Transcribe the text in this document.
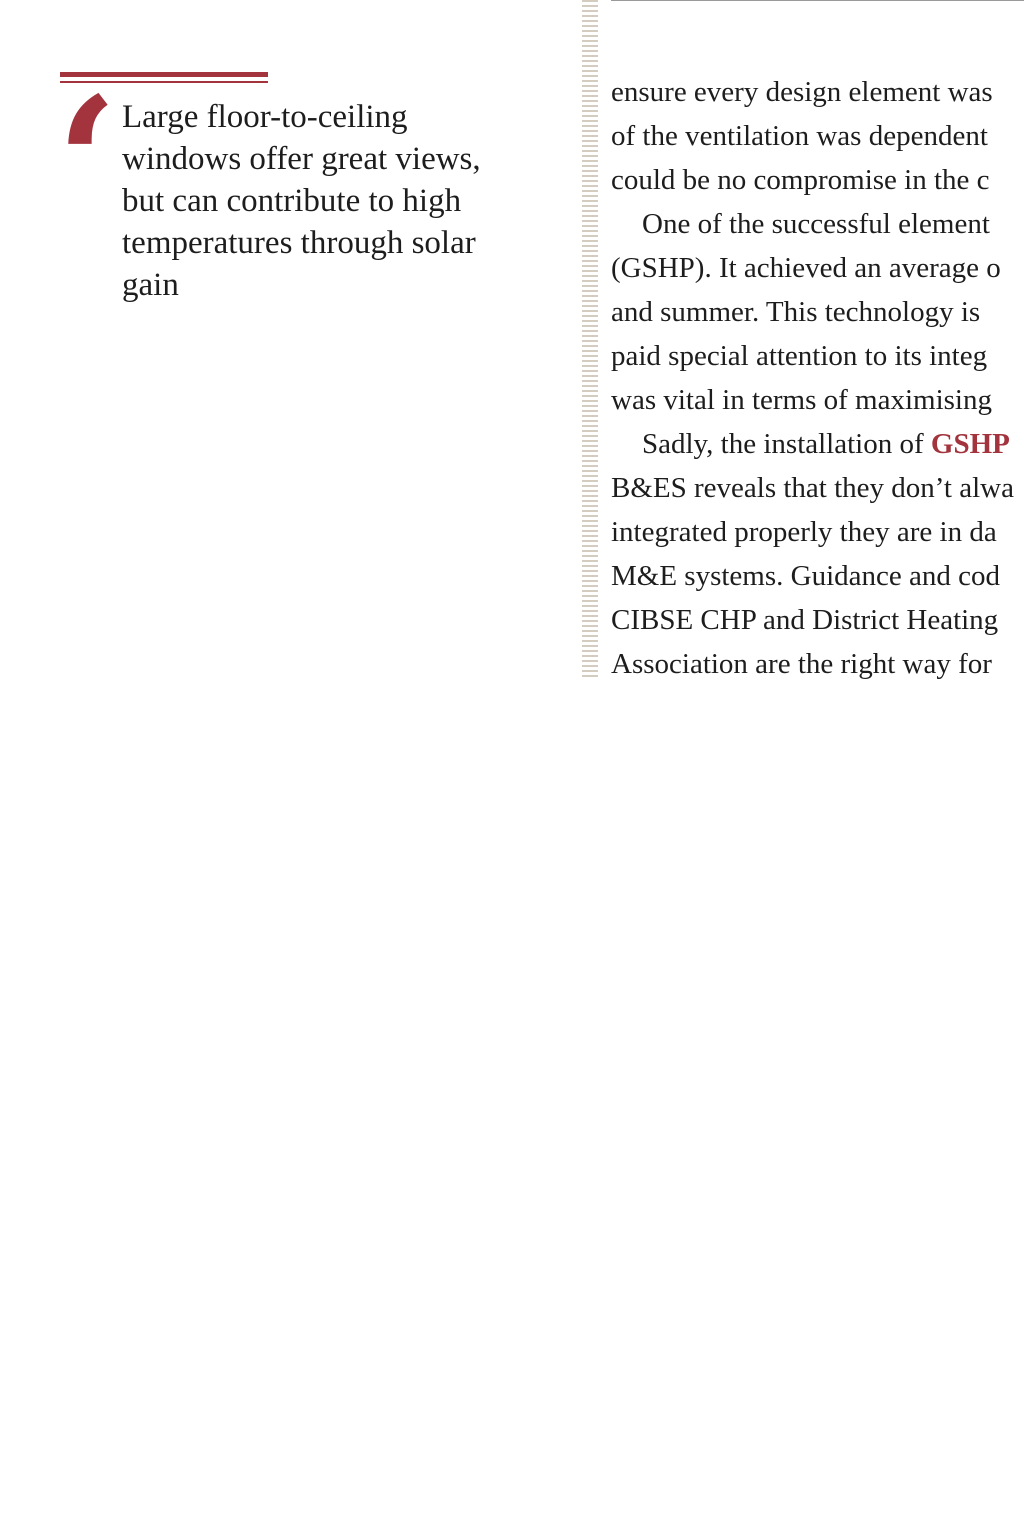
‘ Large floor-to-ceiling windows offer great views, but can contribute to high temperatures through solar gain
ensure every design element was
of the ventilation was dependent
could be no compromise in the c
One of the successful element
(GSHP). It achieved an average o
and summer. This technology is
paid special attention to its integ
was vital in terms of maximising
Sadly, the installation of GSHP
B&ES reveals that they don’t alwa
integrated properly they are in da
M&E systems. Guidance and cod
CIBSE CHP and District Heating
Association are the right way for
